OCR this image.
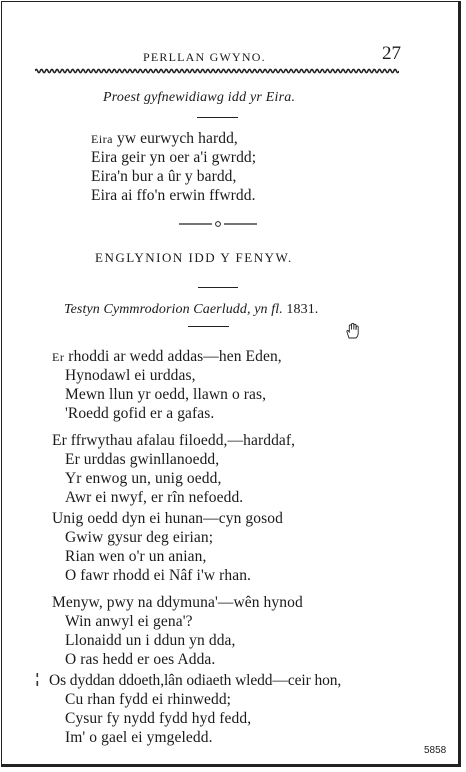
PERLLAN GWYNO.	27
Proest gyfnewidiawg idd yr Eira.
Eira yw eurwych hardd,
Eira geir yn oer a'i gwrdd;
Eira'n bur a ûr y bardd,
Eira ai ffo'n erwin ffwrdd.
ENGLYNION IDD Y FENYW.
Testyn Cymmrodorion Caerludd, yn fl. 1831.
Er rhoddi ar wedd addas—hen Eden,
Hynodawl ei urddas,
Mewn llun yr oedd, llawn o ras,
'Roedd gofid er a gafas.
Er ffrwythau afalau filoedd,—harddaf,
Er urddas gwinllanoedd,
Yr enwog un, unig oedd,
Awr ei nwyf, er rîn nefoedd.
Unig oedd dyn ei hunan—cyn gosod
Gwiw gysur deg eirian;
Rian wen o'r un anian,
O fawr rhodd ei Nâf i'w rhan.
Menyw, pwy na ddymuna'—wên hynod
Win anwyl ei gena'?
Llonaidd un i ddun yn dda,
O ras hedd er oes Adda.
Os dyddan ddoeth,lân odiaeth wledd—ceir hon,
Cu rhan fydd ei rhinwedd;
Cysur fy nydd fydd hyd fedd,
Im' o gael ei ymgeledd.
5858
